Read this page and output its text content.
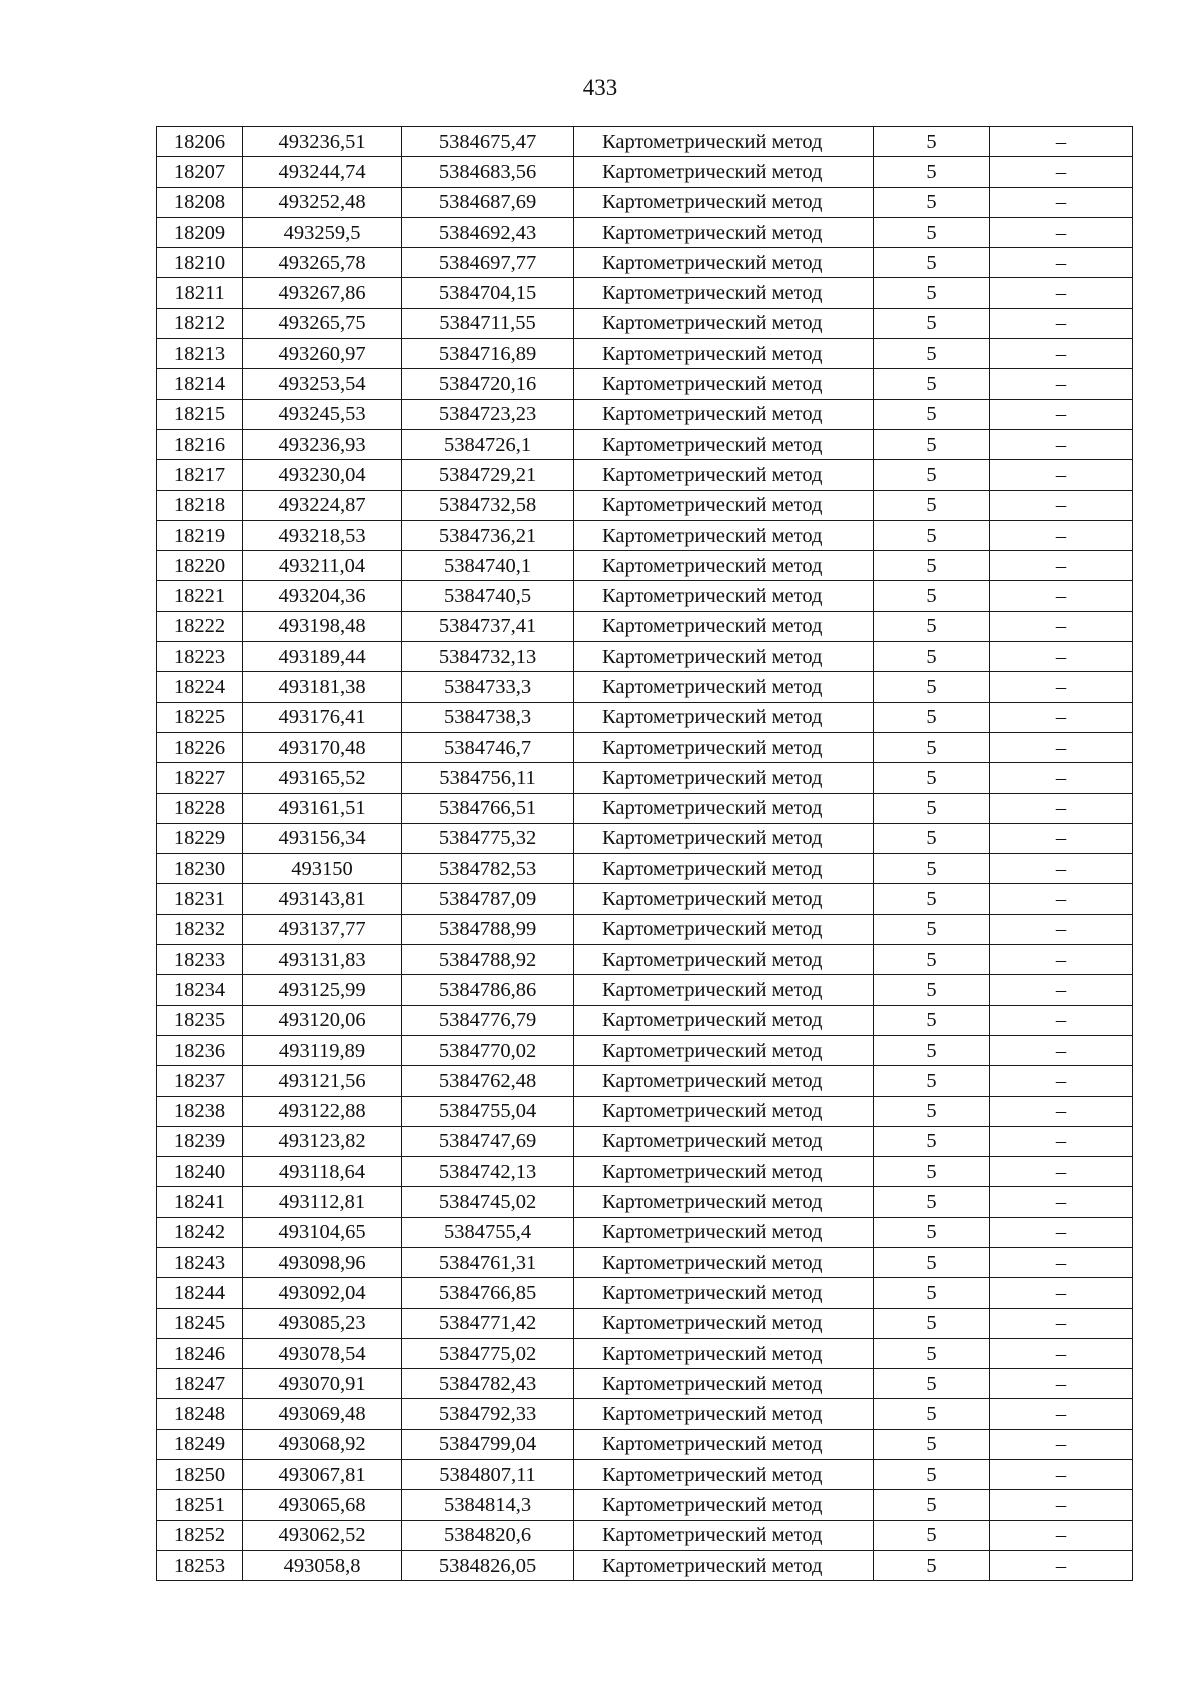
433
18206	493236,51	5384675,47	Картометрический метод	5	–
18207	493244,74	5384683,56	Картометрический метод	5	–
18208	493252,48	5384687,69	Картометрический метод	5	–
18209	493259,5	5384692,43	Картометрический метод	5	–
18210	493265,78	5384697,77	Картометрический метод	5	–
18211	493267,86	5384704,15	Картометрический метод	5	–
18212	493265,75	5384711,55	Картометрический метод	5	–
18213	493260,97	5384716,89	Картометрический метод	5	–
18214	493253,54	5384720,16	Картометрический метод	5	–
18215	493245,53	5384723,23	Картометрический метод	5	–
18216	493236,93	5384726,1	Картометрический метод	5	–
18217	493230,04	5384729,21	Картометрический метод	5	–
18218	493224,87	5384732,58	Картометрический метод	5	–
18219	493218,53	5384736,21	Картометрический метод	5	–
18220	493211,04	5384740,1	Картометрический метод	5	–
18221	493204,36	5384740,5	Картометрический метод	5	–
18222	493198,48	5384737,41	Картометрический метод	5	–
18223	493189,44	5384732,13	Картометрический метод	5	–
18224	493181,38	5384733,3	Картометрический метод	5	–
18225	493176,41	5384738,3	Картометрический метод	5	–
18226	493170,48	5384746,7	Картометрический метод	5	–
18227	493165,52	5384756,11	Картометрический метод	5	–
18228	493161,51	5384766,51	Картометрический метод	5	–
18229	493156,34	5384775,32	Картометрический метод	5	–
18230	493150	5384782,53	Картометрический метод	5	–
18231	493143,81	5384787,09	Картометрический метод	5	–
18232	493137,77	5384788,99	Картометрический метод	5	–
18233	493131,83	5384788,92	Картометрический метод	5	–
18234	493125,99	5384786,86	Картометрический метод	5	–
18235	493120,06	5384776,79	Картометрический метод	5	–
18236	493119,89	5384770,02	Картометрический метод	5	–
18237	493121,56	5384762,48	Картометрический метод	5	–
18238	493122,88	5384755,04	Картометрический метод	5	–
18239	493123,82	5384747,69	Картометрический метод	5	–
18240	493118,64	5384742,13	Картометрический метод	5	–
18241	493112,81	5384745,02	Картометрический метод	5	–
18242	493104,65	5384755,4	Картометрический метод	5	–
18243	493098,96	5384761,31	Картометрический метод	5	–
18244	493092,04	5384766,85	Картометрический метод	5	–
18245	493085,23	5384771,42	Картометрический метод	5	–
18246	493078,54	5384775,02	Картометрический метод	5	–
18247	493070,91	5384782,43	Картометрический метод	5	–
18248	493069,48	5384792,33	Картометрический метод	5	–
18249	493068,92	5384799,04	Картометрический метод	5	–
18250	493067,81	5384807,11	Картометрический метод	5	–
18251	493065,68	5384814,3	Картометрический метод	5	–
18252	493062,52	5384820,6	Картометрический метод	5	–
18253	493058,8	5384826,05	Картометрический метод	5	–
